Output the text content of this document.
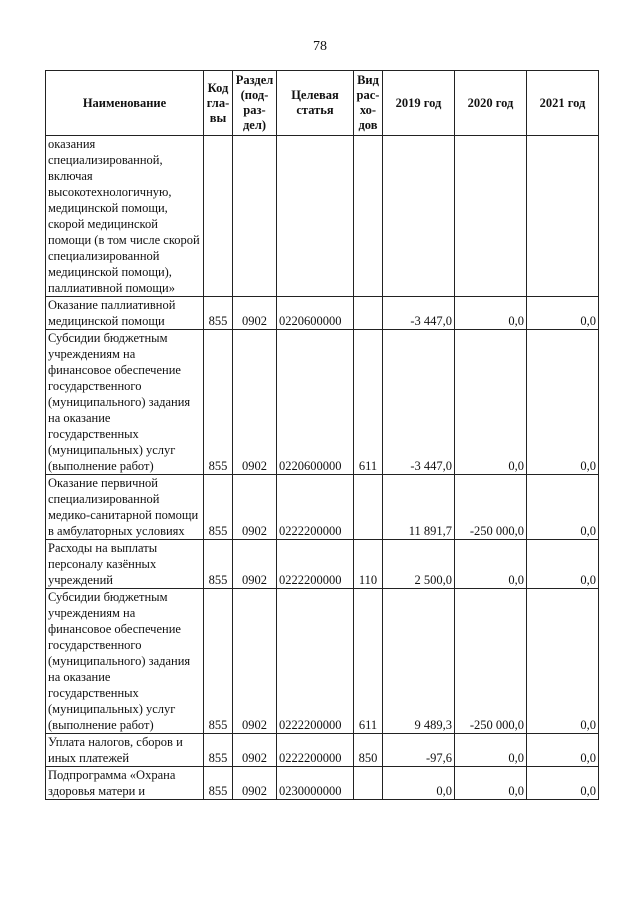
78
Наименование	Код гла-вы	Раздел (под-раз-дел)	Целевая статья	Вид рас-хо-дов	2019 год	2020 год	2021 год
оказания специализированной, включая высокотехнологичную, медицинской помощи, скорой медицинской помощи (в том числе скорой специализированной медицинской помощи), паллиативной помощи»							
Оказание паллиативной медицинской помощи	855	0902	0220600000		-3 447,0	0,0	0,0
Субсидии бюджетным учреждениям на финансовое обеспечение государственного (муниципального) задания на оказание государственных (муниципальных) услуг (выполнение работ)	855	0902	0220600000	611	-3 447,0	0,0	0,0
Оказание первичной специализированной медико-санитарной помощи в амбулаторных условиях	855	0902	0222200000		11 891,7	-250 000,0	0,0
Расходы на выплаты персоналу казённых учреждений	855	0902	0222200000	110	2 500,0	0,0	0,0
Субсидии бюджетным учреждениям на финансовое обеспечение государственного (муниципального) задания на оказание государственных (муниципальных) услуг (выполнение работ)	855	0902	0222200000	611	9 489,3	-250 000,0	0,0
Уплата налогов, сборов и иных платежей	855	0902	0222200000	850	-97,6	0,0	0,0
Подпрограмма «Охрана здоровья матери и	855	0902	0230000000		0,0	0,0	0,0
